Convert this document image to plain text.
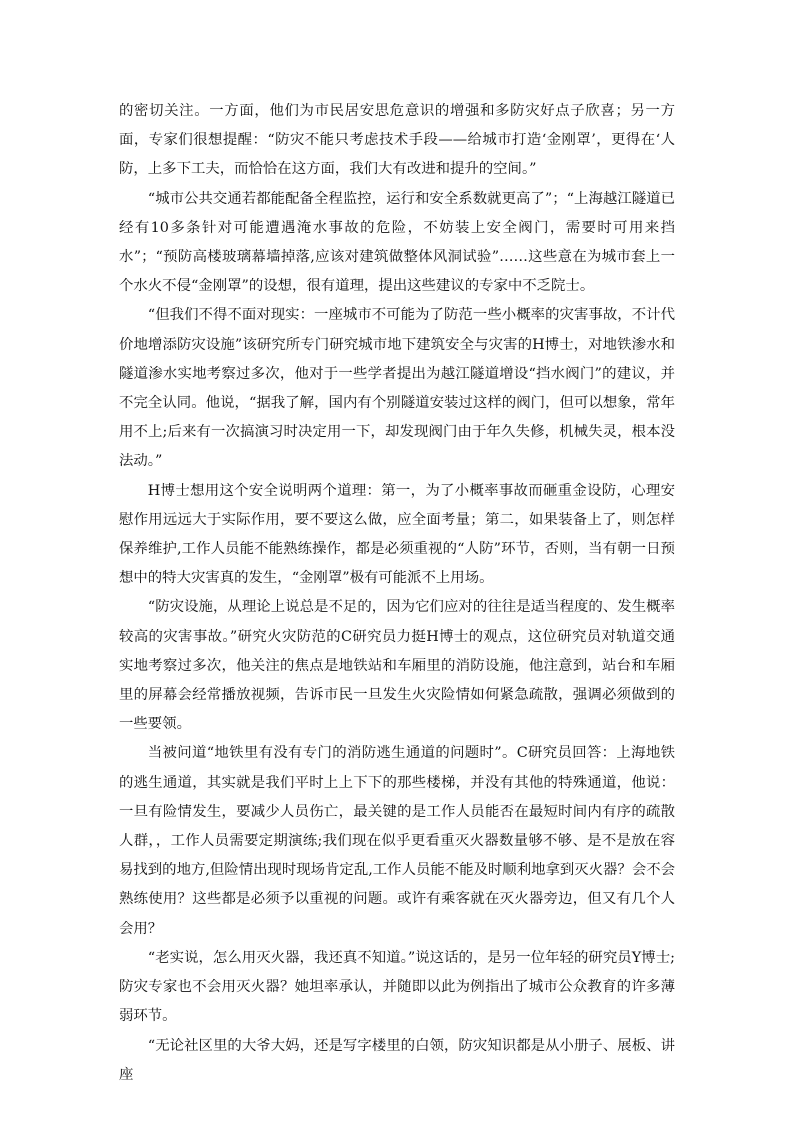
的密切关注。一方面，他们为市民居安思危意识的增强和多防灾好点子欣喜；另一方面，专家们很想提醒：“防灾不能只考虑技术手段——给城市打造‘金刚罩’，更得在‘人防，上多下工夫，而恰恰在这方面，我们大有改进和提升的空间。”

“城市公共交通若都能配备全程监控，运行和安全系数就更高了”；“上海越江隧道已经有10多条针对可能遭遇淹水事故的危险，不妨装上安全阀门，需要时可用来挡水”；“预防高楼玻璃幕墙掉落,应该对建筑做整体风洞试验”……这些意在为城市套上一个水火不侵“金刚罩”的设想，很有道理，提出这些建议的专家中不乏院士。

“但我们不得不面对现实：一座城市不可能为了防范一些小概率的灾害事故，不计代价地增添防灾设施”该研究所专门研究城市地下建筑安全与灾害的H博士，对地铁渗水和隧道渗水实地考察过多次，他对于一些学者提出为越江隧道增设“挡水阀门”的建议，并不完全认同。他说，“据我了解，国内有个别隧道安装过这样的阀门，但可以想象，常年用不上;后来有一次搞演习时决定用一下，却发现阀门由于年久失修，机械失灵，根本没法动。”

H博士想用这个安全说明两个道理：第一，为了小概率事故而砸重金设防，心理安慰作用远远大于实际作用，要不要这么做，应全面考量；第二，如果装备上了，则怎样保养维护,工作人员能不能熟练操作，都是必须重视的“人防”环节，否则，当有朝一日预想中的特大灾害真的发生，“金刚罩”极有可能派不上用场。

“防灾设施，从理论上说总是不足的，因为它们应对的往往是适当程度的、发生概率较高的灾害事故。”研究火灾防范的C研究员力挺H博士的观点，这位研究员对轨道交通实地考察过多次，他关注的焦点是地铁站和车厢里的消防设施，他注意到，站台和车厢里的屏幕会经常播放视频，告诉市民一旦发生火灾险情如何紧急疏散，强调必须做到的一些要领。

当被问道“地铁里有没有专门的消防逃生通道的问题时”。C研究员回答：上海地铁的逃生通道，其实就是我们平时上上下下的那些楼梯，并没有其他的特殊通道，他说：一旦有险情发生，要减少人员伤亡，最关键的是工作人员能否在最短时间内有序的疏散人群，，工作人员需要定期演练;我们现在似乎更看重灭火器数量够不够、是不是放在容易找到的地方,但险情出现时现场肯定乱,工作人员能不能及时顺利地拿到灭火器？会不会熟练使用？这些都是必须予以重视的问题。或许有乘客就在灭火器旁边，但又有几个人会用？

“老实说，怎么用灭火器，我还真不知道。”说这话的，是另一位年轻的研究员Y博士;防灾专家也不会用灭火器？她坦率承认，并随即以此为例指出了城市公众教育的许多薄弱环节。

“无论社区里的大爷大妈，还是写字楼里的白领，防灾知识都是从小册子、展板、讲座
